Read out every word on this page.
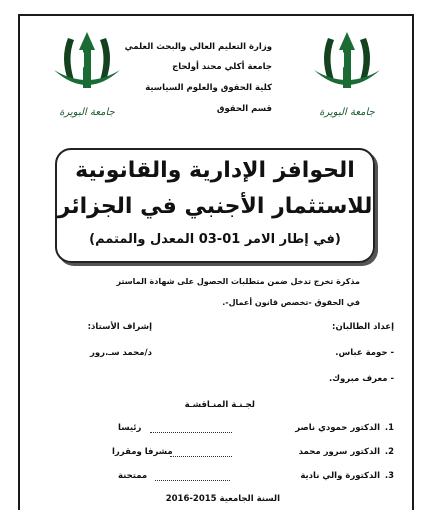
جامعة البويرة	جامعة البويرة
وزارة التعليم العالي والبحث العلمي
جامعة أكلي محند أولحاج
كلية الحقوق والعلوم السياسية
قسم الحقوق
الحوافز الإدارية والقانونية
للاستثمار الأجنبي في الجزائر
(في إطار الامر 01-03 المعدل والمتمم)
مذكرة تخرج تدخل ضمن متطلبات الحصول على شهادة الماستر
في الحقوق -تخصص قانون أعمال-.
إعداد الطالبان:
إشراف الأستاذ:
- حومة عباس.
د/محمد سـ.رور
- معرف مبروك.
لجـنـة المنـاقشـة
1.
الدكتور حمودي ناصر
رئيسا
2.
الدكتور سرور محمد
مشرفا ومقررا
3.
الدكتورة والي نادية
ممتحنة
السنة الجامعية 2015-2016
